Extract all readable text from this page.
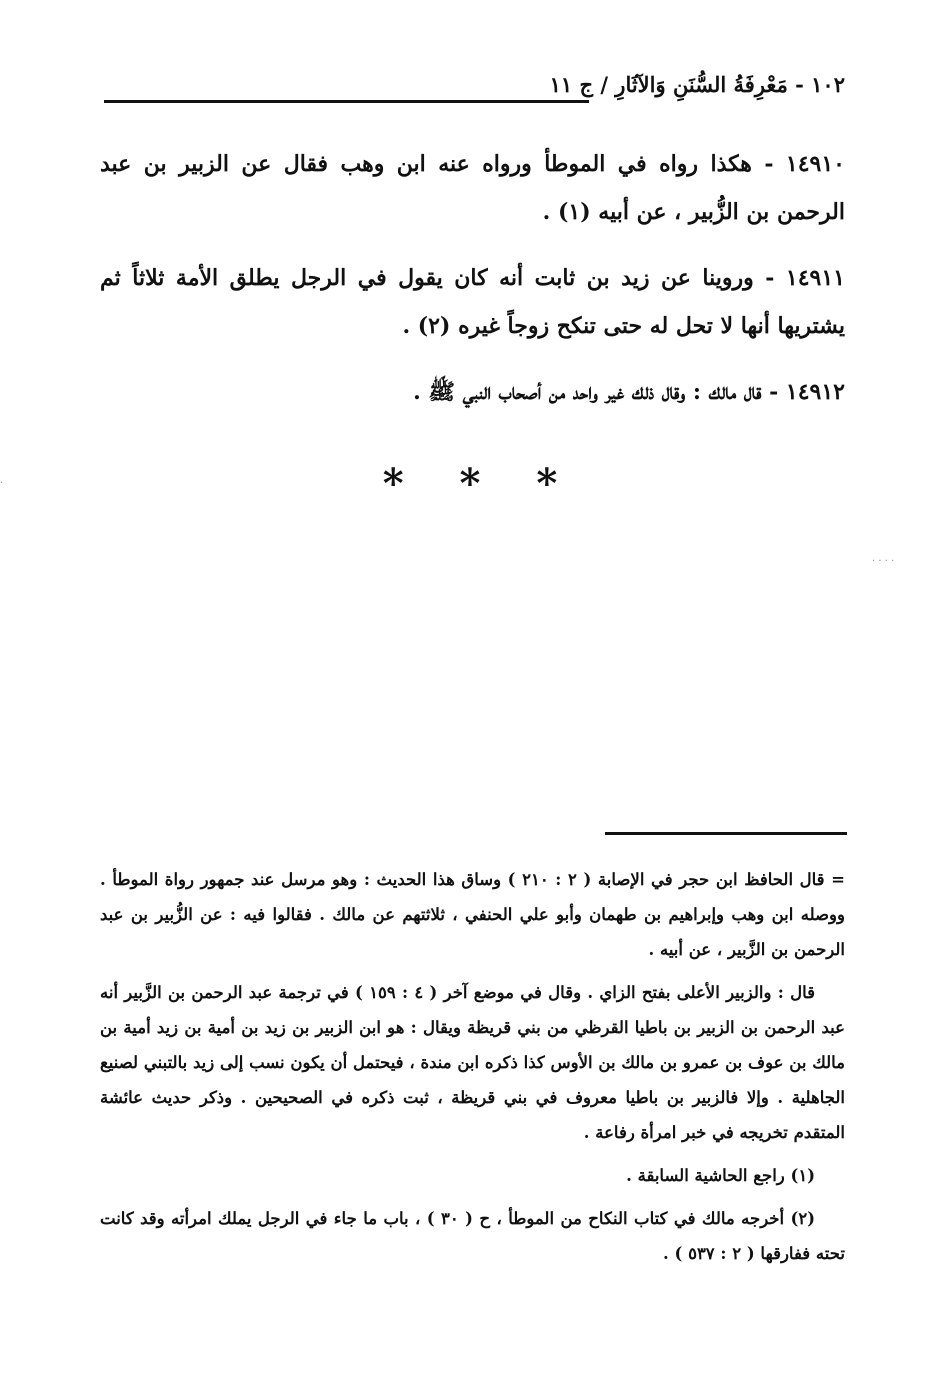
١٠٢ - مَعْرِفَةُ السُّنَنِ وَالآثَارِ / ج ١١

١٤٩١٠ - هكذا رواه في الموطأ ورواه عنه ابن وهب فقال عن الزبير بن عبد الرحمن بن الزُّبير ، عن أبيه (١) .

١٤٩١١ - وروينا عن زيد بن ثابت أنه كان يقول في الرجل يطلق الأمة ثلاثاً ثم يشتريها أنها لا تحل له حتى تنكح زوجاً غيره (٢) .

١٤٩١٢ - قال مالك : وقال ذلك غير واحد من أصحاب النبي ﷺ .

* * *

= قال الحافظ ابن حجر في الإصابة ( ٢ : ٢١٠ ) وساق هذا الحديث : وهو مرسل عند جمهور رواة الموطأ . ووصله ابن وهب وإبراهيم بن طهمان وأبو علي الحنفي ، ثلاثتهم عن مالك . فقالوا فيه : عن الزُّبير بن عبد الرحمن بن الزَّبير ، عن أبيه .

قال : والزبير الأعلى بفتح الزاي . وقال في موضع آخر ( ٤ : ١٥٩ ) في ترجمة عبد الرحمن بن الزَّبير أنه عبد الرحمن بن الزبير بن باطيا القرظي من بني قريظة ويقال : هو ابن الزبير بن زيد بن أمية بن زيد أمية بن مالك بن عوف بن عمرو بن مالك بن الأوس كذا ذكره ابن مندة ، فيحتمل أن يكون نسب إلى زيد بالتبني لصنيع الجاهلية . وإلا فالزبير بن باطيا معروف في بني قريظة ، ثبت ذكره في الصحيحين . وذكر حديث عائشة المتقدم تخريجه في خبر امرأة رفاعة .

(١) راجع الحاشية السابقة .

(٢) أخرجه مالك في كتاب النكاح من الموطأ ، ح ( ٣٠ ) ، باب ما جاء في الرجل يملك امرأته وقد كانت تحته ففارقها ( ٢ : ٥٣٧ ) .

· · · ·
·
